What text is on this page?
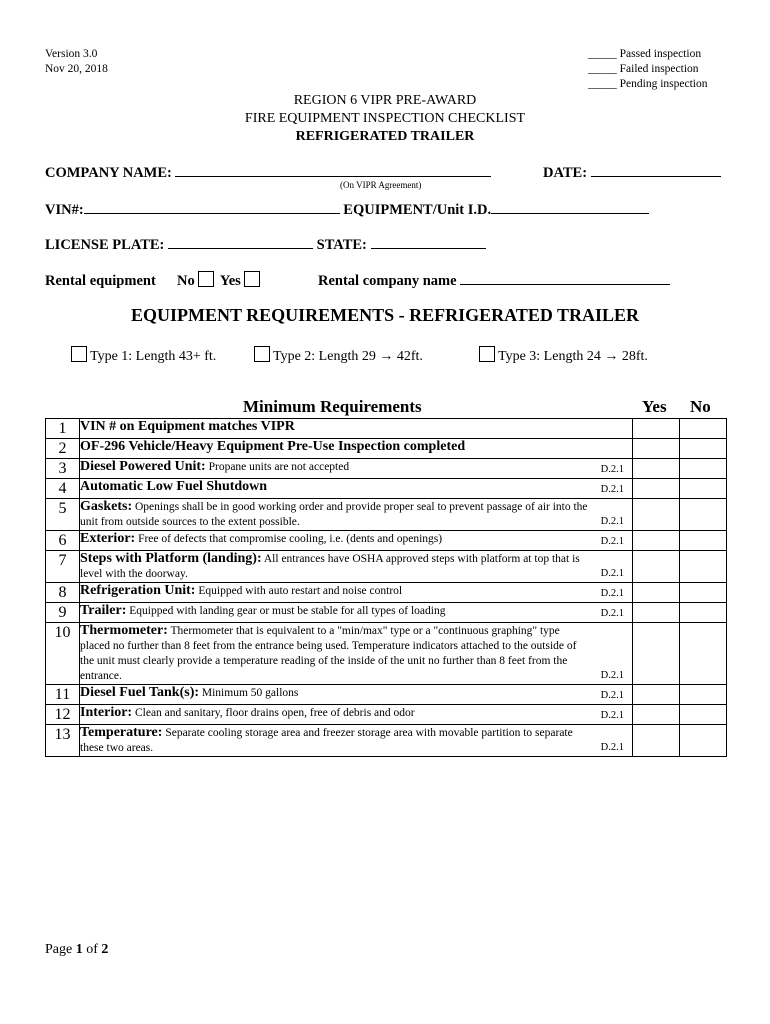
Version 3.0
Nov 20, 2018
_____ Passed inspection
_____ Failed inspection
_____ Pending inspection
REGION 6 VIPR PRE-AWARD
FIRE EQUIPMENT INSPECTION CHECKLIST
REFRIGERATED TRAILER
COMPANY NAME:
(On VIPR Agreement)
DATE:
VIN#:	EQUIPMENT/Unit I.D.
LICENSE PLATE:	STATE:
Rental equipment No Yes	Rental company name
EQUIPMENT REQUIREMENTS - REFRIGERATED TRAILER
Type 1: Length 43+ ft.	Type 2: Length 29 → 42ft.	Type 3: Length 24 → 28ft.
Minimum Requirements	Yes No
1	VIN # on Equipment matches VIPR		

2	OF-296 Vehicle/Heavy Equipment Pre-Use Inspection completed		

3	Diesel Powered Unit: Propane units are not accepted D.2.1		

4	Automatic Low Fuel Shutdown D.2.1		

5	Gaskets: Openings shall be in good working order and provide proper seal to prevent passage of air into the unit from outside sources to the extent possible. D.2.1		

6	Exterior: Free of defects that compromise cooling, i.e. (dents and openings) D.2.1		

7	Steps with Platform (landing): All entrances have OSHA approved steps with platform at top that is level with the doorway. D.2.1		

8	Refrigeration Unit: Equipped with auto restart and noise control D.2.1		

9	Trailer: Equipped with landing gear or must be stable for all types of loading D.2.1		

10	Thermometer: Thermometer that is equivalent to a "min/max" type or a "continuous graphing" type placed no further than 8 feet from the entrance being used. Temperature indicators attached to the outside of the unit must clearly provide a temperature reading of the inside of the unit no further than 8 feet from the entrance. D.2.1		

11	Diesel Fuel Tank(s): Minimum 50 gallons D.2.1		

12	Interior: Clean and sanitary, floor drains open, free of debris and odor D.2.1		

13	Temperature: Separate cooling storage area and freezer storage area with movable partition to separate these two areas. D.2.1		

Page 1 of 2
